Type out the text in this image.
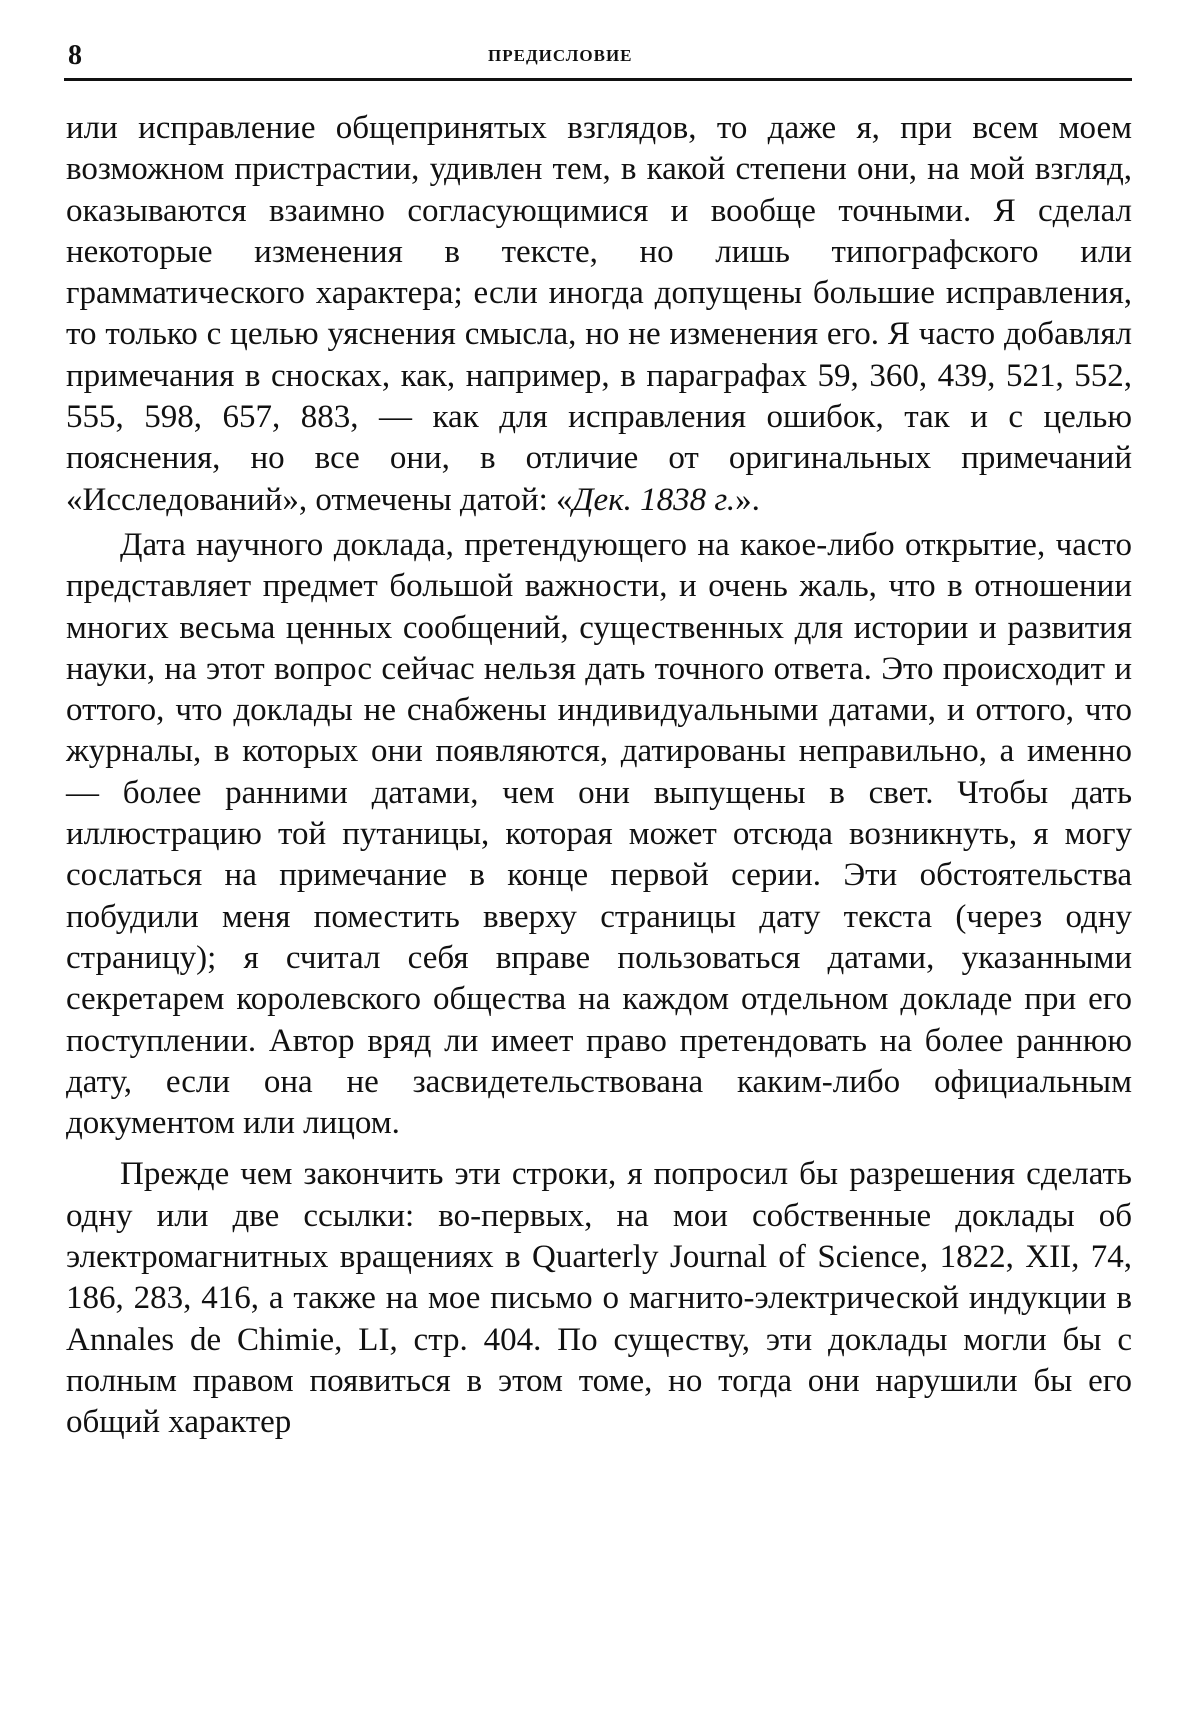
8	ПРЕДИСЛОВИЕ

или исправление общепринятых взглядов, то даже я, при всем моем возможном пристрастии, удивлен тем, в какой степени они, на мой взгляд, оказываются взаимно согласующимися и вообще точными. Я сделал некоторые изменения в тексте, но лишь типографского или грамматического характера; если иногда допущены большие исправления, то только с целью уяснения смысла, но не изменения его. Я часто добавлял примечания в сносках, как, например, в параграфах 59, 360, 439, 521, 552, 555, 598, 657, 883, — как для исправления ошибок, так и с целью пояснения, но все они, в отличие от оригинальных примечаний «Исследований», отмечены датой: «Дек. 1838 г.».

Дата научного доклада, претендующего на какое-либо открытие, часто представляет предмет большой важности, и очень жаль, что в отношении многих весьма ценных сообщений, существенных для истории и развития науки, на этот вопрос сейчас нельзя дать точного ответа. Это происходит и оттого, что доклады не снабжены индивидуальными датами, и оттого, что журналы, в которых они появляются, датированы неправильно, а именно — более ранними датами, чем они выпущены в свет. Чтобы дать иллюстрацию той путаницы, которая может отсюда возникнуть, я могу сослаться на примечание в конце первой серии. Эти обстоятельства побудили меня поместить вверху страницы дату текста (через одну страницу); я считал себя вправе пользоваться датами, указанными секретарем королевского общества на каждом отдельном докладе при его поступлении. Автор вряд ли имеет право претендовать на более раннюю дату, если она не засвидетельствована каким-либо официальным документом или лицом.

Прежде чем закончить эти строки, я попросил бы разрешения сделать одну или две ссылки: во-первых, на мои собственные доклады об электромагнитных вращениях в Quarterly Journal of Science, 1822, XII, 74, 186, 283, 416, а также на мое письмо о магнито-электрической индукции в Annales de Chimie, LI, стр. 404. По существу, эти доклады могли бы с полным правом появиться в этом томе, но тогда они нарушили бы его общий характер
